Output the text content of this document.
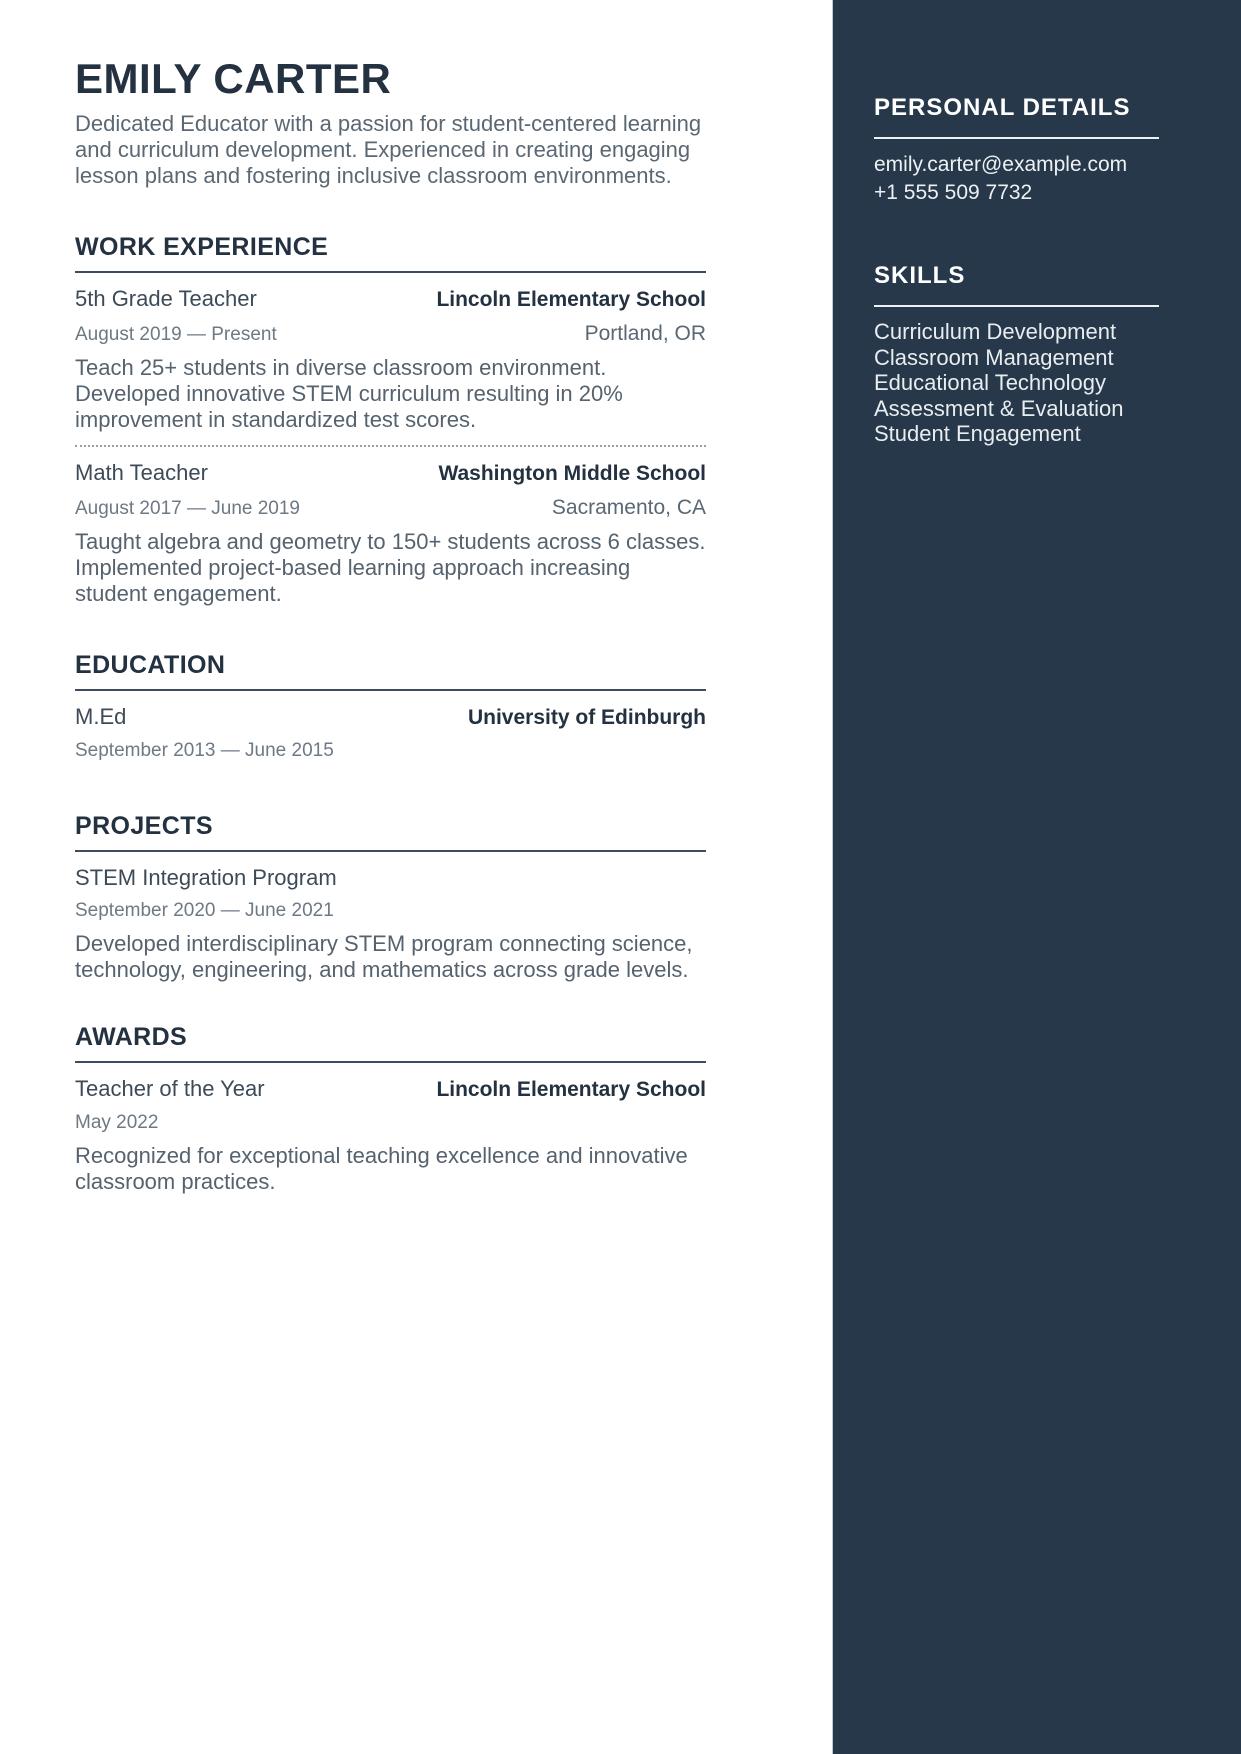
EMILY CARTER

Dedicated Educator with a passion for student-centered learning and curriculum development. Experienced in creating engaging lesson plans and fostering inclusive classroom environments.

WORK EXPERIENCE
5th Grade Teacher	Lincoln Elementary School
August 2019 — Present	Portland, OR

Teach 25+ students in diverse classroom environment. Developed innovative STEM curriculum resulting in 20% improvement in standardized test scores.

Math Teacher	Washington Middle School
August 2017 — June 2019	Sacramento, CA

Taught algebra and geometry to 150+ students across 6 classes. Implemented project-based learning approach increasing student engagement.

EDUCATION
M.Ed	University of Edinburgh
September 2013 — June 2015
PROJECTS
STEM Integration Program
September 2020 — June 2021

Developed interdisciplinary STEM program connecting science, technology, engineering, and mathematics across grade levels.

AWARDS
Teacher of the Year	Lincoln Elementary School
May 2022

Recognized for exceptional teaching excellence and innovative classroom practices.

PERSONAL DETAILS
emily.carter@example.com
+1 555 509 7732
SKILLS
Curriculum Development
Classroom Management
Educational Technology
Assessment & Evaluation
Student Engagement
